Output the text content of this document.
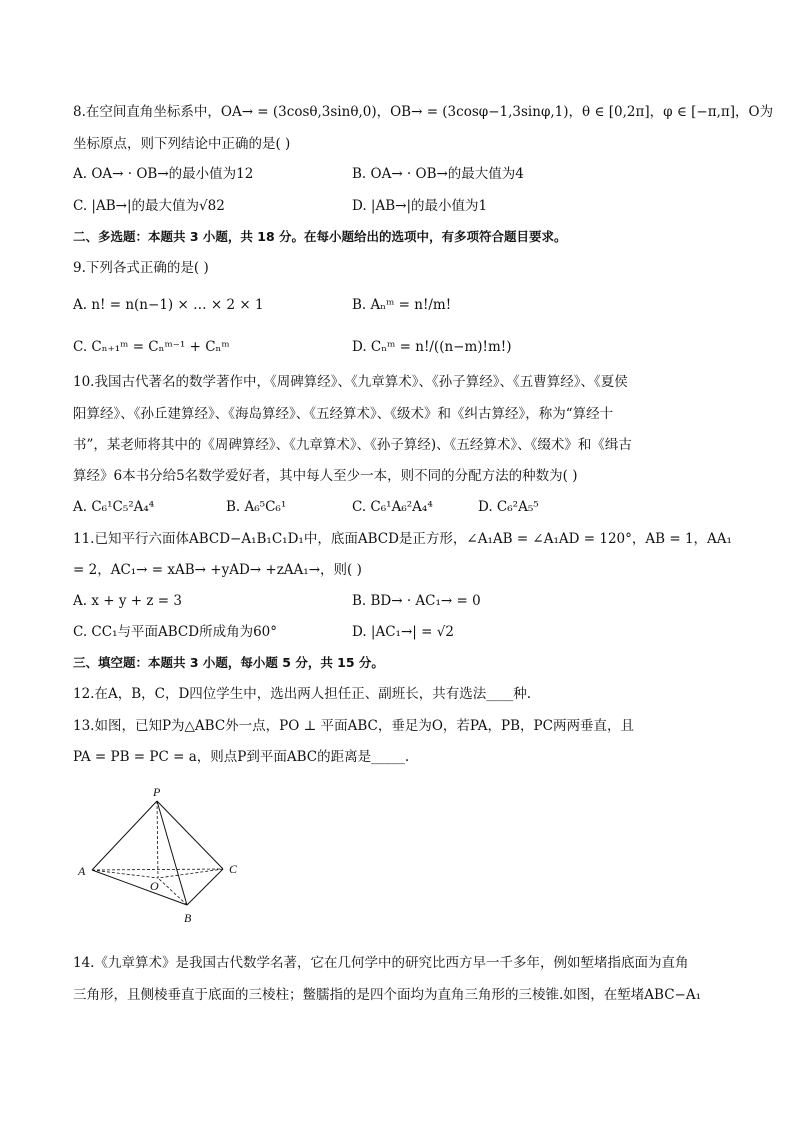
8.在空间直角坐标系中，OA→ = (3cosθ,3sinθ,0)，OB→ = (3cosφ−1,3sinφ,1)，θ ∈ [0,2π]，φ ∈ [−π,π]，O为
坐标原点，则下列结论中正确的是( )
A. OA→ · OB→的最小值为12	B. OA→ · OB→的最大值为4
C. |AB→|的最大值为√82	D. |AB→|的最小值为1
二、多选题：本题共 3 小题，共 18 分。在每小题给出的选项中，有多项符合题目要求。
9.下列各式正确的是( )
A. n! = n(n−1) × … × 2 × 1	B. Aₙᵐ = n!/m!
C. Cₙ₊₁ᵐ = Cₙᵐ⁻¹ + Cₙᵐ	D. Cₙᵐ = n!/((n−m)!m!)
10.我国古代著名的数学著作中，《周碑算经》、《九章算术》、《孙子算经》、《五曹算经》、《夏侯
阳算经》、《孙丘建算经》、《海岛算经》、《五经算术》、《级术》和《纠古算经》，称为“算经十
书”，某老师将其中的《周碑算经》、《九章算术》、《孙子算经)、《五经算术》、《缀术》和《缉古
算经》6本书分给5名数学爱好者，其中每人至少一本，则不同的分配方法的种数为( )
A. C₆¹C₅²A₄⁴	B. A₆⁵C₆¹	C. C₆¹A₆²A₄⁴	D. C₆²A₅⁵
11.已知平行六面体ABCD−A₁B₁C₁D₁中，底面ABCD是正方形，∠A₁AB = ∠A₁AD = 120°，AB = 1，AA₁
= 2，AC₁→ = xAB→ +yAD→ +zAA₁→，则( )
A. x + y + z = 3	B. BD→ · AC₁→ = 0
C. CC₁与平面ABCD所成角为60°	D. |AC₁→| = √2
三、填空题：本题共 3 小题，每小题 5 分，共 15 分。
12.在A，B，C，D四位学生中，选出两人担任正、副班长，共有选法____种.
13.如图，已知P为△ABC外一点，PO ⊥ 平面ABC，垂足为O，若PA，PB，PC两两垂直，且
PA = PB = PC = a，则点P到平面ABC的距离是_____.
P
A
B
C
O
14.《九章算术》是我国古代数学名著，它在几何学中的研究比西方早一千多年，例如堑堵指底面为直角
三角形，且侧棱垂直于底面的三棱柱；鳖臑指的是四个面均为直角三角形的三棱锥.如图，在堑堵ABC−A₁
